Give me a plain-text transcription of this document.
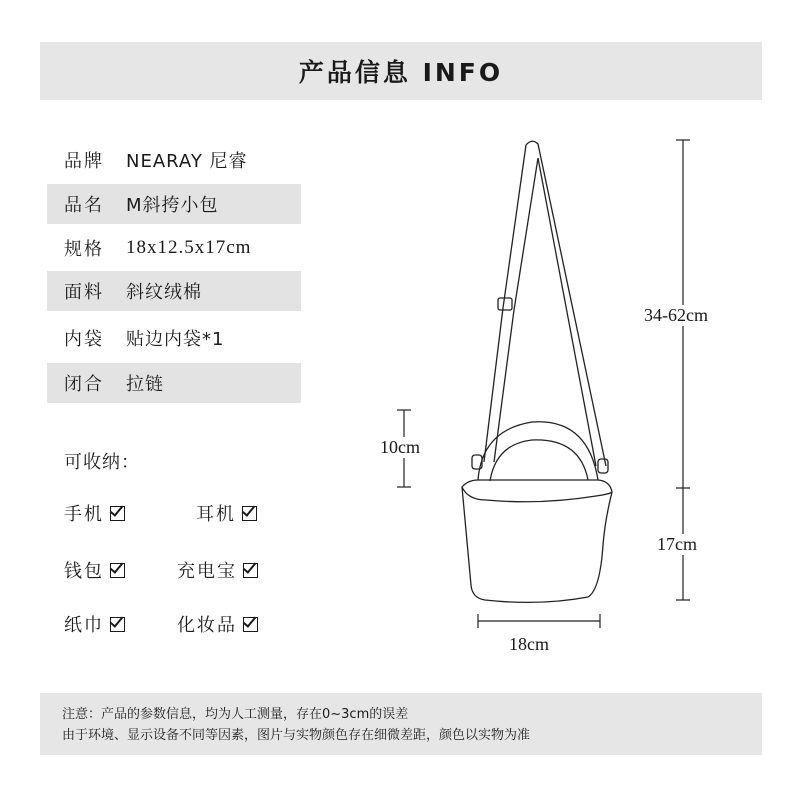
产品信息 INFO
品牌	NEARAY 尼睿
品名	M斜挎小包
规格	18x12.5x17cm
面料	斜纹绒棉
内袋	贴边内袋*1
闭合	拉链
可收纳：
手机	耳机
钱包	充电宝
纸巾	化妆品
34-62cm
10cm
17cm
18cm
注意：产品的参数信息，均为人工测量，存在0~3cm的误差
由于环境、显示设备不同等因素，图片与实物颜色存在细微差距，颜色以实物为准
